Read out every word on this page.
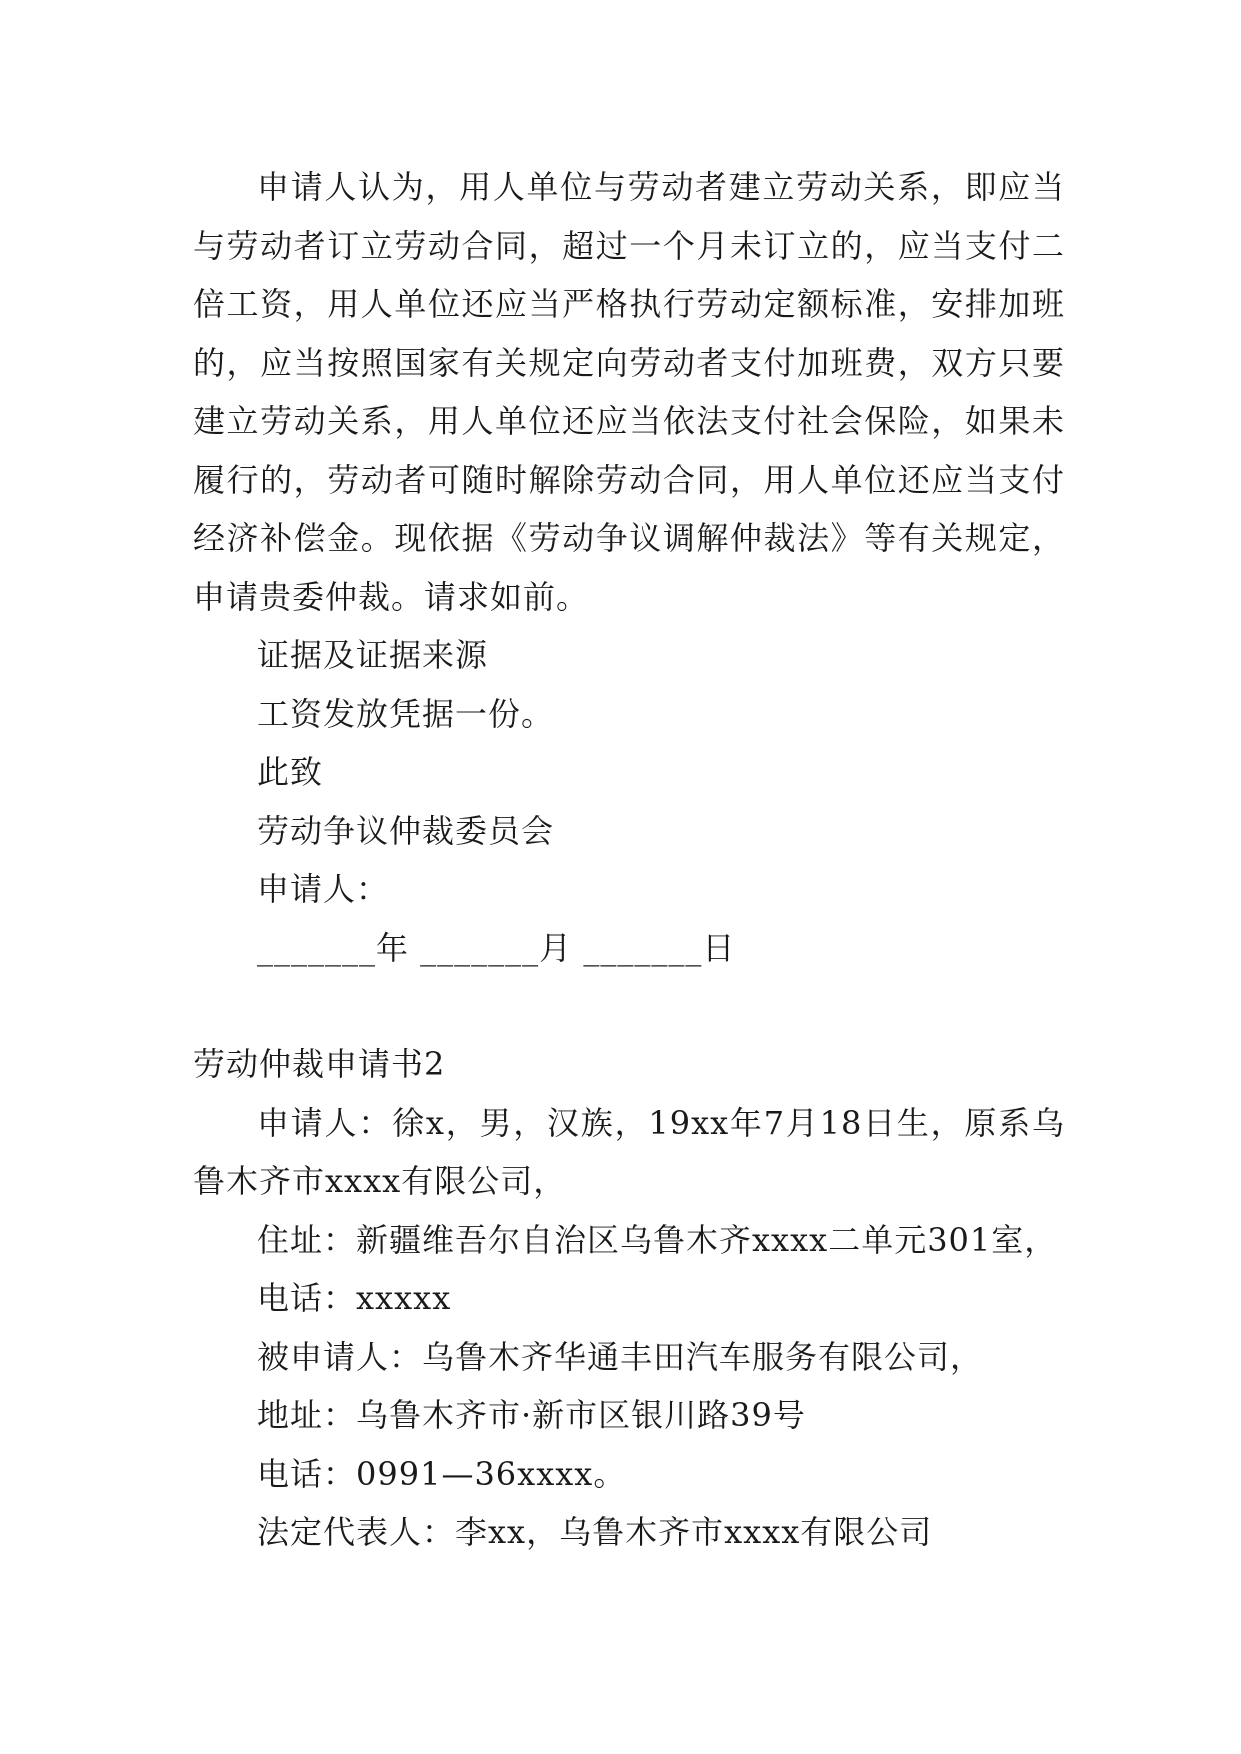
申请人认为，用人单位与劳动者建立劳动关系，即应当与劳动者订立劳动合同，超过一个月未订立的，应当支付二倍工资，用人单位还应当严格执行劳动定额标准，安排加班的，应当按照国家有关规定向劳动者支付加班费，双方只要建立劳动关系，用人单位还应当依法支付社会保险，如果未履行的，劳动者可随时解除劳动合同，用人单位还应当支付经济补偿金。现依据《劳动争议调解仲裁法》等有关规定，申请贵委仲裁。请求如前。

证据及证据来源

工资发放凭据一份。

此致

劳动争议仲裁委员会

申请人：

_______年 _______月 _______日

劳动仲裁申请书2

申请人：徐x，男，汉族，19xx年7月18日生，原系乌鲁木齐市xxxx有限公司，

住址：新疆维吾尔自治区乌鲁木齐xxxx二单元301室，

电话：xxxxx

被申请人：乌鲁木齐华通丰田汽车服务有限公司，

地址：乌鲁木齐市·新市区银川路39号

电话：0991—36xxxx。

法定代表人：李xx，乌鲁木齐市xxxx有限公司
